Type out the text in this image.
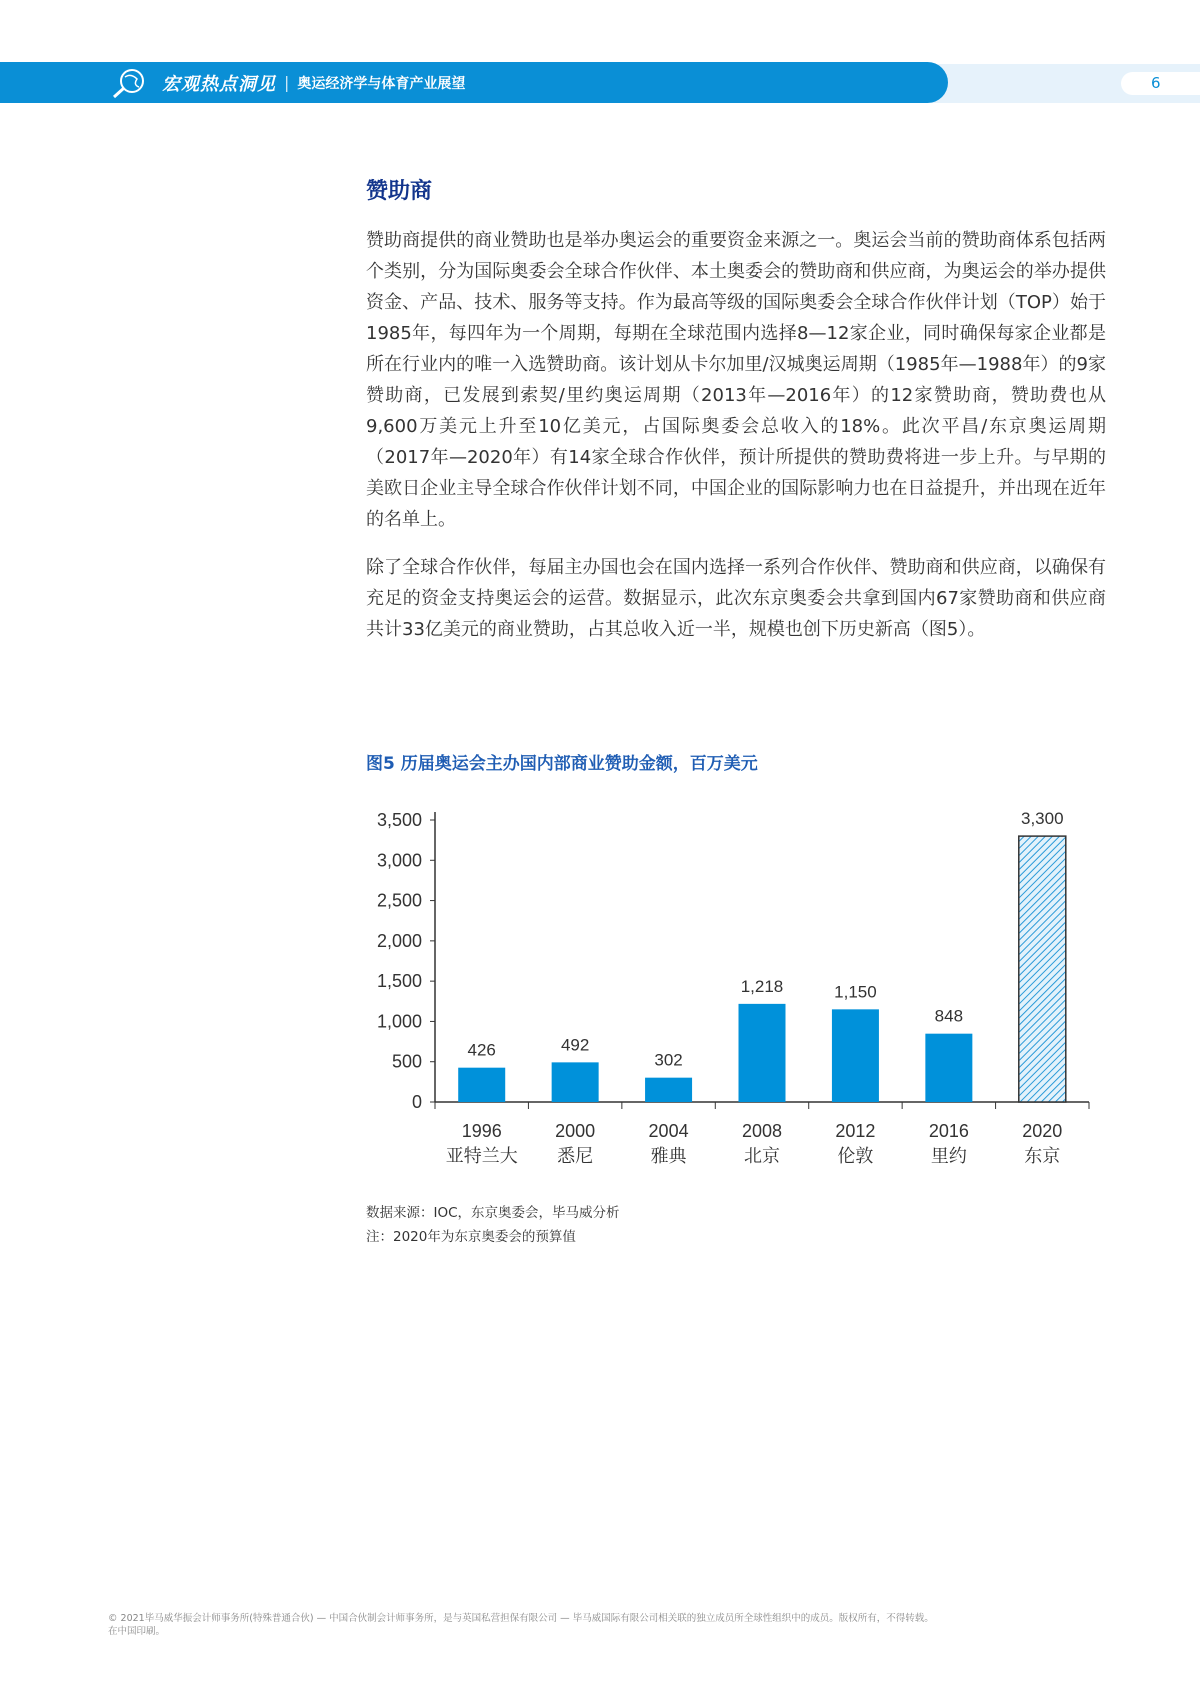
宏观热点洞见 | 奥运经济学与体育产业展望	6
赞助商

赞助商提供的商业赞助也是举办奥运会的重要资金来源之一。奥运会当前的赞助商体系包括两个类别，分为国际奥委会全球合作伙伴、本土奥委会的赞助商和供应商，为奥运会的举办提供资金、产品、技术、服务等支持。作为最高等级的国际奥委会全球合作伙伴计划（TOP）始于1985年，每四年为一个周期，每期在全球范围内选择8—12家企业，同时确保每家企业都是所在行业内的唯一入选赞助商。该计划从卡尔加里/汉城奥运周期（1985年—1988年）的9家赞助商，已发展到索契/里约奥运周期（2013年—2016年）的12家赞助商，赞助费也从9,600万美元上升至10亿美元，占国际奥委会总收入的18%。此次平昌/东京奥运周期（2017年—2020年）有14家全球合作伙伴，预计所提供的赞助费将进一步上升。与早期的美欧日企业主导全球合作伙伴计划不同，中国企业的国际影响力也在日益提升，并出现在近年的名单上。

除了全球合作伙伴，每届主办国也会在国内选择一系列合作伙伴、赞助商和供应商，以确保有充足的资金支持奥运会的运营。数据显示，此次东京奥委会共拿到国内67家赞助商和供应商共计33亿美元的商业赞助，占其总收入近一半，规模也创下历史新高（图5）。

图5 历届奥运会主办国内部商业赞助金额，百万美元
0
500
1,000
1,500
2,000
2,500
3,000
3,500
426
1996
亚特兰大
492
2000
悉尼
302
2004
雅典
1,218
2008
北京
1,150
2012
伦敦
848
2016
里约
3,300
2020
东京
数据来源：IOC，东京奥委会，毕马威分析
注：2020年为东京奥委会的预算值
© 2021毕马威华振会计师事务所(特殊普通合伙) — 中国合伙制会计师事务所，是与英国私营担保有限公司 — 毕马威国际有限公司相关联的独立成员所全球性组织中的成员。版权所有，不得转载。
在中国印刷。
